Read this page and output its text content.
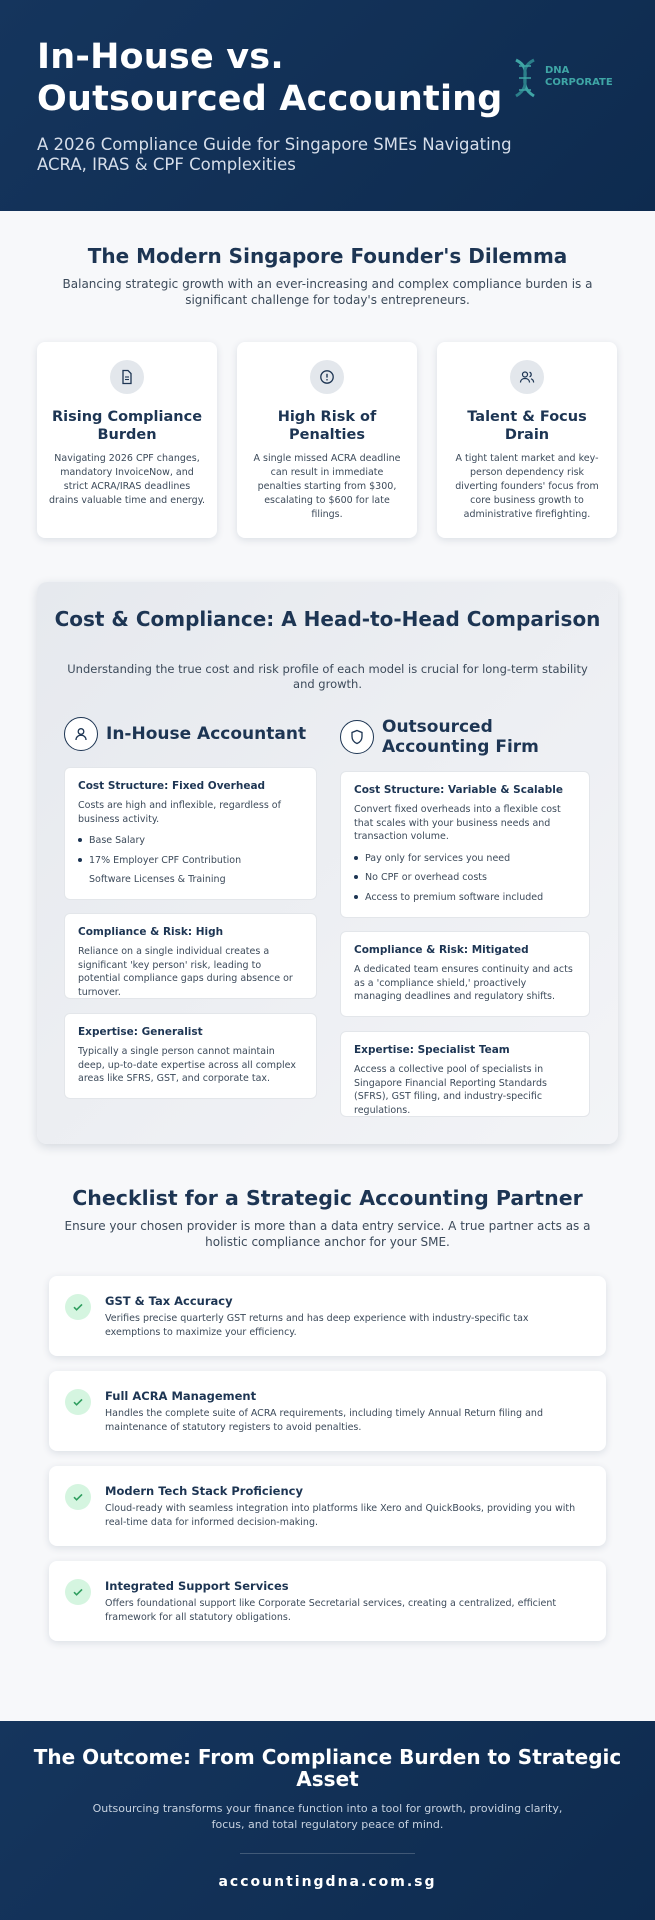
In-House vs. Outsourced Accounting
A 2026 Compliance Guide for Singapore SMEs Navigating ACRA, IRAS & CPF Complexities
DNA
CORPORATE
The Modern Singapore Founder's Dilemma
Balancing strategic growth with an ever-increasing and complex compliance burden is a significant challenge for today's entrepreneurs.
Rising Compliance Burden

Navigating 2026 CPF changes, mandatory InvoiceNow, and strict ACRA/IRAS deadlines drains valuable time and energy.

High Risk of Penalties

A single missed ACRA deadline can result in immediate penalties starting from $300, escalating to $600 for late filings.

Talent & Focus Drain

A tight talent market and key-person dependency risk diverting founders' focus from core business growth to administrative firefighting.

Cost & Compliance: A Head-to-Head Comparison
Understanding the true cost and risk profile of each model is crucial for long-term stability and growth.
In-House Accountant	Outsourced Accounting Firm
Cost Structure: Fixed Overhead

Costs are high and inflexible, regardless of business activity.

Base Salary
17% Employer CPF Contribution
Software Licenses & Training
Compliance & Risk: High

Reliance on a single individual creates a significant 'key person' risk, leading to potential compliance gaps during absence or turnover.

Expertise: Generalist

Typically a single person cannot maintain deep, up-to-date expertise across all complex areas like SFRS, GST, and corporate tax.

Cost Structure: Variable & Scalable

Convert fixed overheads into a flexible cost that scales with your business needs and transaction volume.

Pay only for services you need
No CPF or overhead costs
Access to premium software included
Compliance & Risk: Mitigated

A dedicated team ensures continuity and acts as a 'compliance shield,' proactively managing deadlines and regulatory shifts.

Expertise: Specialist Team

Access a collective pool of specialists in Singapore Financial Reporting Standards (SFRS), GST filing, and industry-specific regulations.

Checklist for a Strategic Accounting Partner
Ensure your chosen provider is more than a data entry service. A true partner acts as a holistic compliance anchor for your SME.
GST & Tax Accuracy

Verifies precise quarterly GST returns and has deep experience with industry-specific tax exemptions to maximize your efficiency.

Full ACRA Management

Handles the complete suite of ACRA requirements, including timely Annual Return filing and maintenance of statutory registers to avoid penalties.

Modern Tech Stack Proficiency

Cloud-ready with seamless integration into platforms like Xero and QuickBooks, providing you with real-time data for informed decision-making.

Integrated Support Services

Offers foundational support like Corporate Secretarial services, creating a centralized, efficient framework for all statutory obligations.

The Outcome: From Compliance Burden to Strategic Asset

Outsourcing transforms your finance function into a tool for growth, providing clarity, focus, and total regulatory peace of mind.

accountingdna.com.sg
